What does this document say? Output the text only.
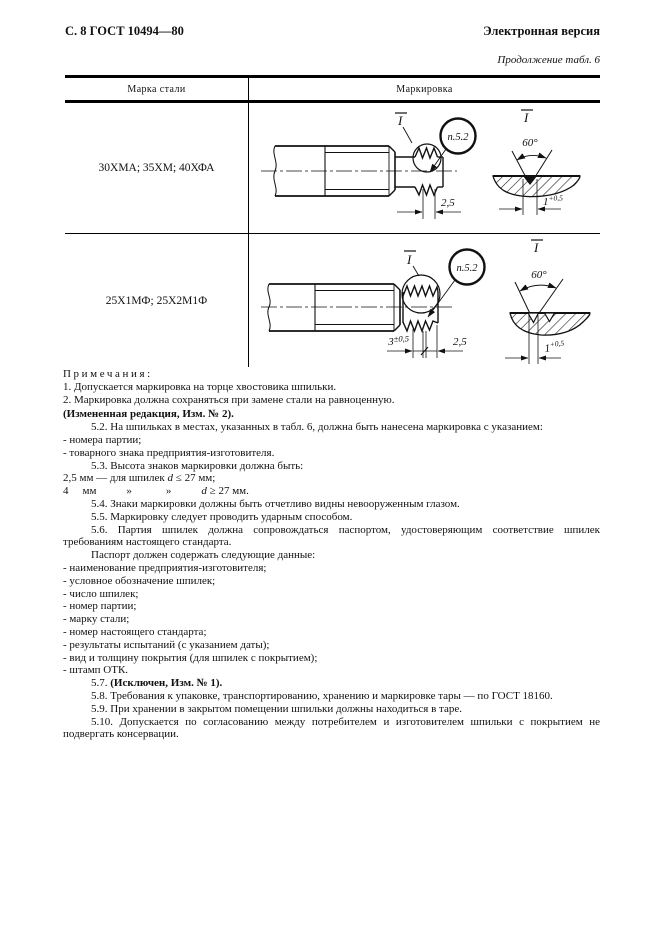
С. 8 ГОСТ 10494—80	Электронная версия
Продолжение табл. 6
Марка стали	Маркировка
30ХМА; 35ХМ; 40ХФА
I
п.5.2
2,5
I
60°
$1^{+0,5}$
25Х1МФ; 25Х2М1Ф
I
п.5.2
$3^{\pm 0,5}$	2,5
I
60°
$1^{+0,5}$

Примечания:

1. Допускается маркировка на торце хвостовика шпильки.

2. Маркировка должна сохраняться при замене стали на равноценную.

(Измененная редакция, Изм. № 2).

5.2. На шпильках в местах, указанных в табл. 6, должна быть нанесена маркировка с указанием:

- номера партии;

- товарного знака предприятия-изготовителя.

5.3. Высота знаков маркировки должна быть:

2,5 мм — для шпилек d ≤ 27 мм;

4 мм	»	»	d ≥ 27 мм.

5.4. Знаки маркировки должны быть отчетливо видны невооруженным глазом.

5.5. Маркировку следует проводить ударным способом.

5.6. Партия шпилек должна сопровождаться паспортом, удостоверяющим соответствие шпилек требованиям настоящего стандарта.

Паспорт должен содержать следующие данные:

- наименование предприятия-изготовителя;

- условное обозначение шпилек;

- число шпилек;

- номер партии;

- марку стали;

- номер настоящего стандарта;

- результаты испытаний (с указанием даты);

- вид и толщину покрытия (для шпилек с покрытием);

- штамп ОТК.

5.7. (Исключен, Изм. № 1).

5.8. Требования к упаковке, транспортированию, хранению и маркировке тары — по ГОСТ 18160.

5.9. При хранении в закрытом помещении шпильки должны находиться в таре.

5.10. Допускается по согласованию между потребителем и изготовителем шпильки с покрытием не подвергать консервации.
